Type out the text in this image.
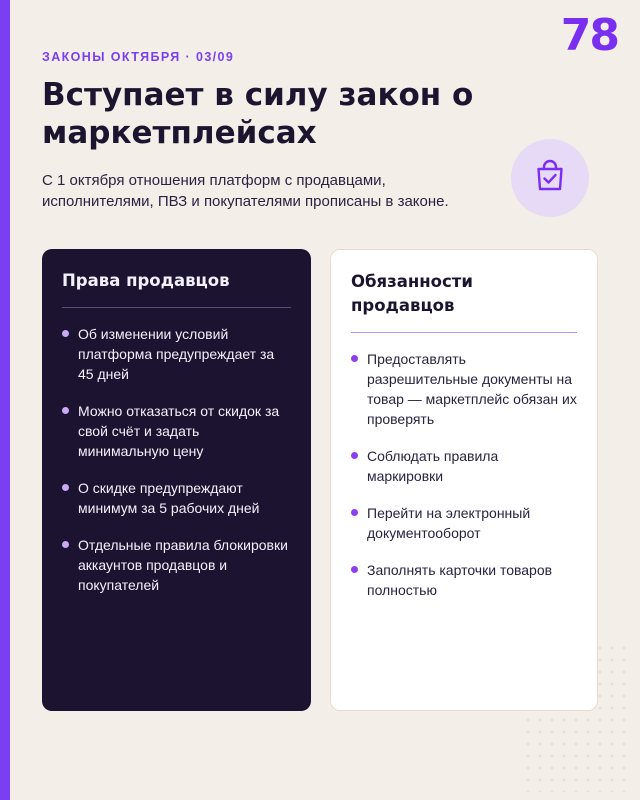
78
ЗАКОНЫ ОКТЯБРЯ · 03/09
Вступает в силу закон о маркетплейсах

С 1 октября отношения платформ с продавцами, исполнителями, ПВЗ и покупателями прописаны в законе.

Права продавцов
Об изменении условий платформа предупреждает за 45 дней
Можно отказаться от скидок за свой счёт и задать минимальную цену
О скидке предупреждают минимум за 5 рабочих дней
Отдельные правила блокировки аккаунтов продавцов и покупателей
Обязанности продавцов
Предоставлять разрешительные документы на товар — маркетплейс обязан их проверять
Соблюдать правила маркировки
Перейти на электронный документооборот
Заполнять карточки товаров полностью
